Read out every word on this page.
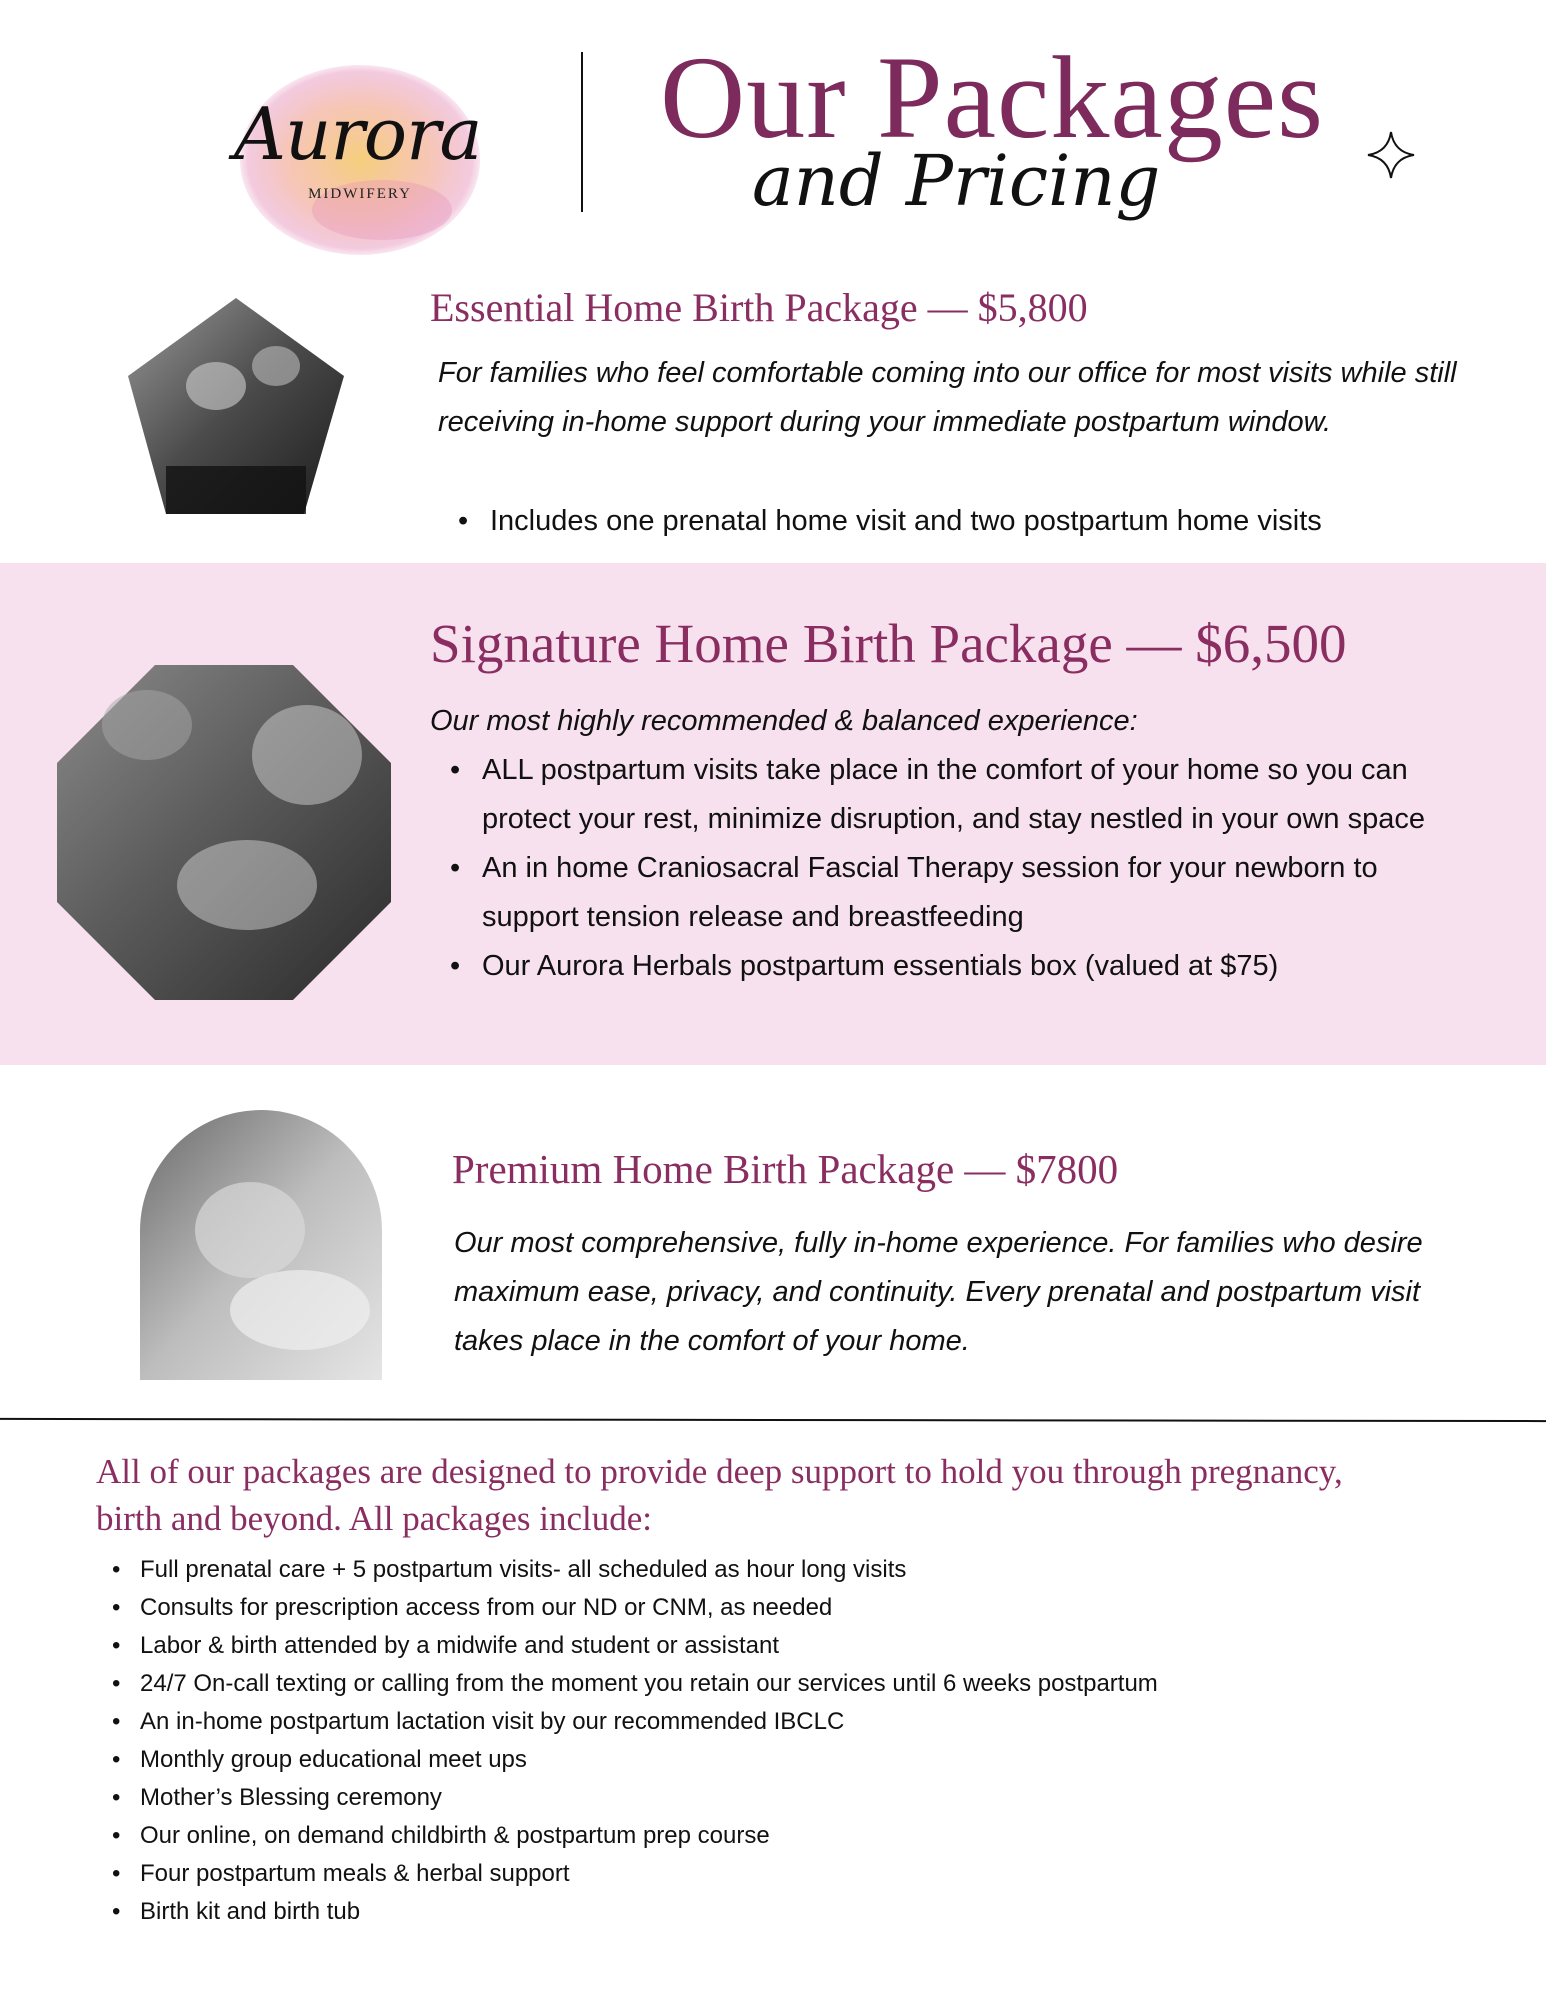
Aurora
MIDWIFERY
Our Packages
and Pricing
Essential Home Birth Package — $5,800
For families who feel comfortable coming into our office for most visits while still receiving in-home support during your immediate postpartum window.
• Includes one prenatal home visit and two postpartum home visits
Signature Home Birth Package — $6,500
Our most highly recommended & balanced experience:
• ALL postpartum visits take place in the comfort of your home so you can protect your rest, minimize disruption, and stay nestled in your own space
• An in home Craniosacral Fascial Therapy session for your newborn to support tension release and breastfeeding
• Our Aurora Herbals postpartum essentials box (valued at $75)
Premium Home Birth Package — $7800
Our most comprehensive, fully in-home experience. For families who desire maximum ease, privacy, and continuity. Every prenatal and postpartum visit takes place in the comfort of your home.
All of our packages are designed to provide deep support to hold you through pregnancy, birth and beyond. All packages include:
• Full prenatal care + 5 postpartum visits- all scheduled as hour long visits
• Consults for prescription access from our ND or CNM, as needed
• Labor & birth attended by a midwife and student or assistant
• 24/7 On-call texting or calling from the moment you retain our services until 6 weeks postpartum
• An in-home postpartum lactation visit by our recommended IBCLC
• Monthly group educational meet ups
• Mother’s Blessing ceremony
• Our online, on demand childbirth & postpartum prep course
• Four postpartum meals & herbal support
• Birth kit and birth tub
